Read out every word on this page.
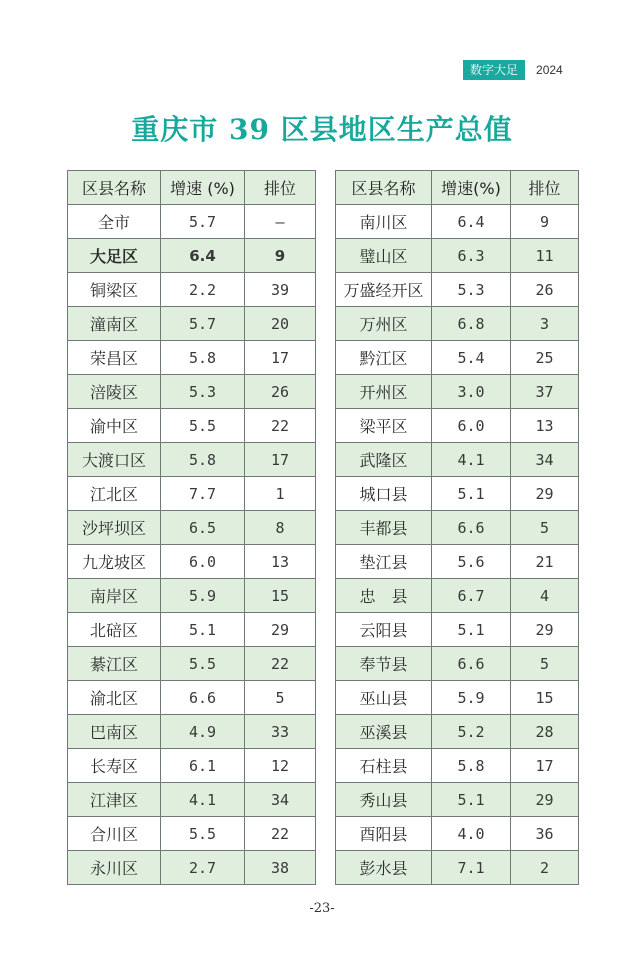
数字大足	2024
重庆市 39 区县地区生产总值
区县名称	增速 (%)	排位
全市	5.7	—
大足区	6.4	9
铜梁区	2.2	39
潼南区	5.7	20
荣昌区	5.8	17
涪陵区	5.3	26
渝中区	5.5	22
大渡口区	5.8	17
江北区	7.7	1
沙坪坝区	6.5	8
九龙坡区	6.0	13
南岸区	5.9	15
北碚区	5.1	29
綦江区	5.5	22
渝北区	6.6	5
巴南区	4.9	33
长寿区	6.1	12
江津区	4.1	34
合川区	5.5	22
永川区	2.7	38
区县名称	增速(%)	排位
南川区	6.4	9
璧山区	6.3	11
万盛经开区	5.3	26
万州区	6.8	3
黔江区	5.4	25
开州区	3.0	37
梁平区	6.0	13
武隆区	4.1	34
城口县	5.1	29
丰都县	6.6	5
垫江县	5.6	21
忠　县	6.7	4
云阳县	5.1	29
奉节县	6.6	5
巫山县	5.9	15
巫溪县	5.2	28
石柱县	5.8	17
秀山县	5.1	29
酉阳县	4.0	36
彭水县	7.1	2
-23-
